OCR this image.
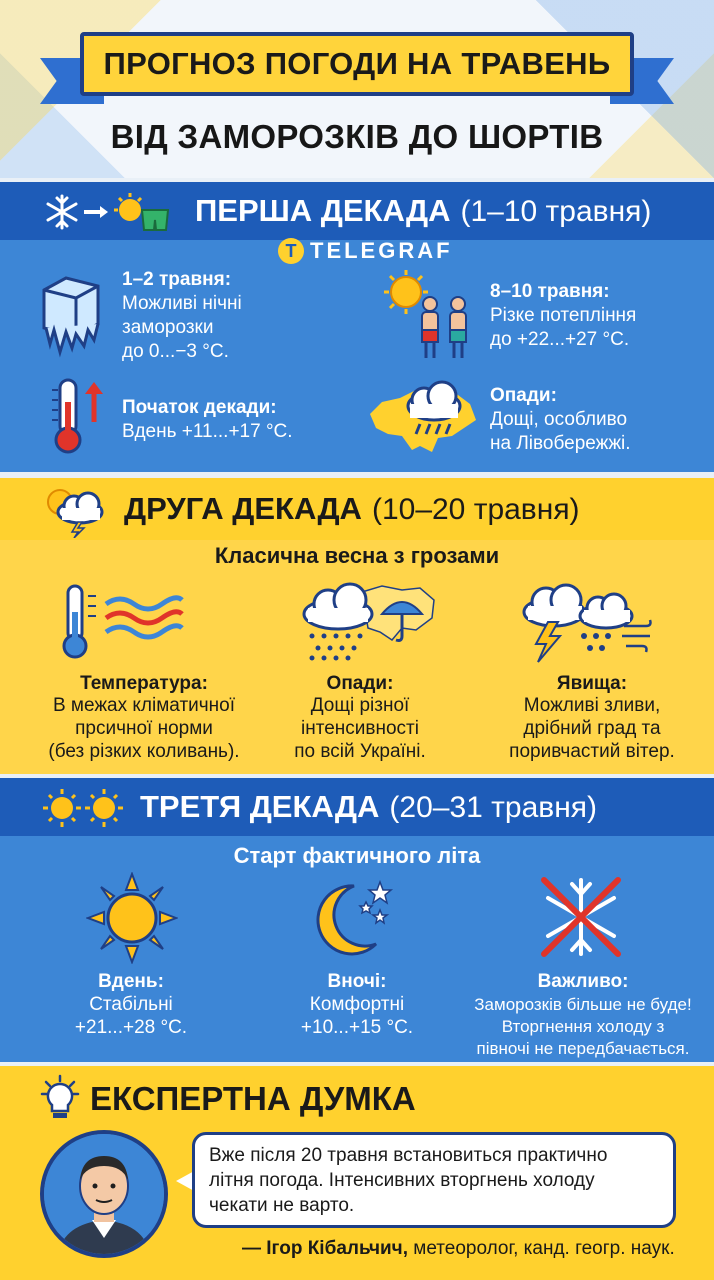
ПРОГНОЗ ПОГОДИ НА ТРАВЕНЬ
ВІД ЗАМОРОЗКІВ ДО ШОРТІВ
ПЕРША ДЕКАДА (1–10 травня)
T TELEGRAF
1–2 травня:
Можливі нічні
заморозки
до 0...−3 °С.
Початок декади:
Вдень +11...+17 °С.
8–10 травня:
Різке потепління
до +22...+27 °С.
Опади:
Дощі, особливо
на Лівобережжі.
ДРУГА ДЕКАДА (10–20 травня)
Класична весна з грозами
Температура:
В межах кліматичної
прсичної норми
(без різких коливань).
Опади:
Дощі різної
інтенсивності
по всій Україні.
Явища:
Можливі зливи,
дрібний град та
поривчастий вітер.
ТРЕТЯ ДЕКАДА (20–31 травня)
Старт фактичного літа
Вдень:
Стабільні
+21...+28 °С.
Вночі:
Комфортні
+10...+15 °С.
Важливо:
Заморозків більше не буде!
Вторгнення холоду з
півночі не передбачається.
ЕКСПЕРТНА ДУМКА
Вже після 20 травня встановиться практично
літня погода. Інтенсивних вторгнень холоду
чекати не варто.
— Ігор Кібальчич, метеоролог, канд. геогр. наук.
